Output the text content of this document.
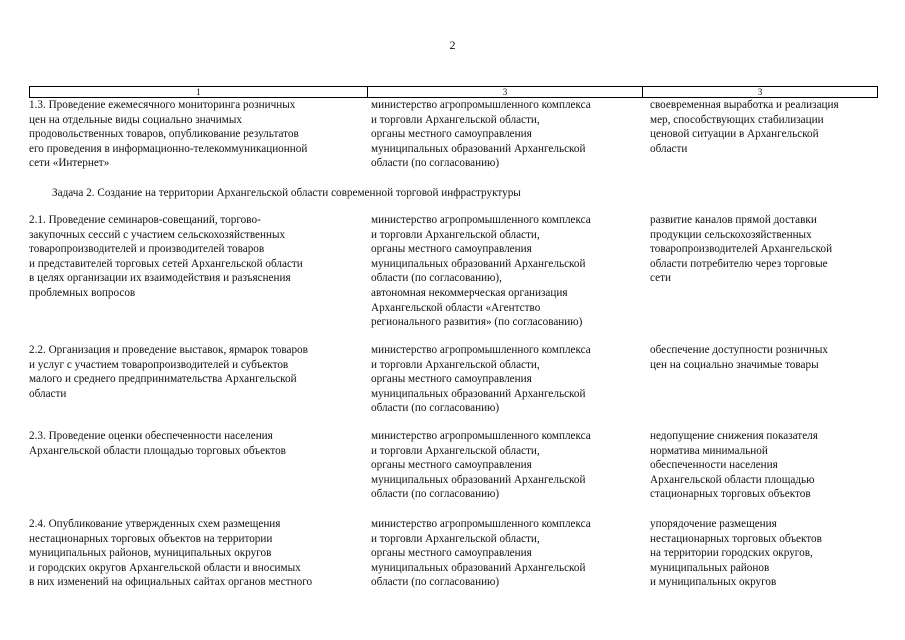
2
1	3	3
1.3. Проведение ежемесячного мониторинга розничных
цен на отдельные виды социально значимых
продовольственных товаров, опубликование результатов
его проведения в информационно-телекоммуникационной
сети «Интернет»
министерство агропромышленного комплекса
и торговли Архангельской области,
органы местного самоуправления
муниципальных образований Архангельской
области (по согласованию)
своевременная выработка и реализация
мер, способствующих стабилизации
ценовой ситуации в Архангельской
области
Задача 2. Создание на территории Архангельской области современной торговой инфраструктуры
2.1. Проведение семинаров-совещаний, торгово-
закупочных сессий с участием сельскохозяйственных
товаропроизводителей и производителей товаров
и представителей торговых сетей Архангельской области
в целях организации их взаимодействия и разъяснения
проблемных вопросов
министерство агропромышленного комплекса
и торговли Архангельской области,
органы местного самоуправления
муниципальных образований Архангельской
области (по согласованию),
автономная некоммерческая организация
Архангельской области «Агентство
регионального развития» (по согласованию)
развитие каналов прямой доставки
продукции сельскохозяйственных
товаропроизводителей Архангельской
области потребителю через торговые
сети
2.2. Организация и проведение выставок, ярмарок товаров
и услуг с участием товаропроизводителей и субъектов
малого и среднего предпринимательства Архангельской
области
министерство агропромышленного комплекса
и торговли Архангельской области,
органы местного самоуправления
муниципальных образований Архангельской
области (по согласованию)
обеспечение доступности розничных
цен на социально значимые товары
2.3. Проведение оценки обеспеченности населения
Архангельской области площадью торговых объектов
министерство агропромышленного комплекса
и торговли Архангельской области,
органы местного самоуправления
муниципальных образований Архангельской
области (по согласованию)
недопущение снижения показателя
норматива минимальной
обеспеченности населения
Архангельской области площадью
стационарных торговых объектов
2.4. Опубликование утвержденных схем размещения
нестационарных торговых объектов на территории
муниципальных районов, муниципальных округов
и городских округов Архангельской области и вносимых
в них изменений на официальных сайтах органов местного
министерство агропромышленного комплекса
и торговли Архангельской области,
органы местного самоуправления
муниципальных образований Архангельской
области (по согласованию)
упорядочение размещения
нестационарных торговых объектов
на территории городских округов,
муниципальных районов
и муниципальных округов
